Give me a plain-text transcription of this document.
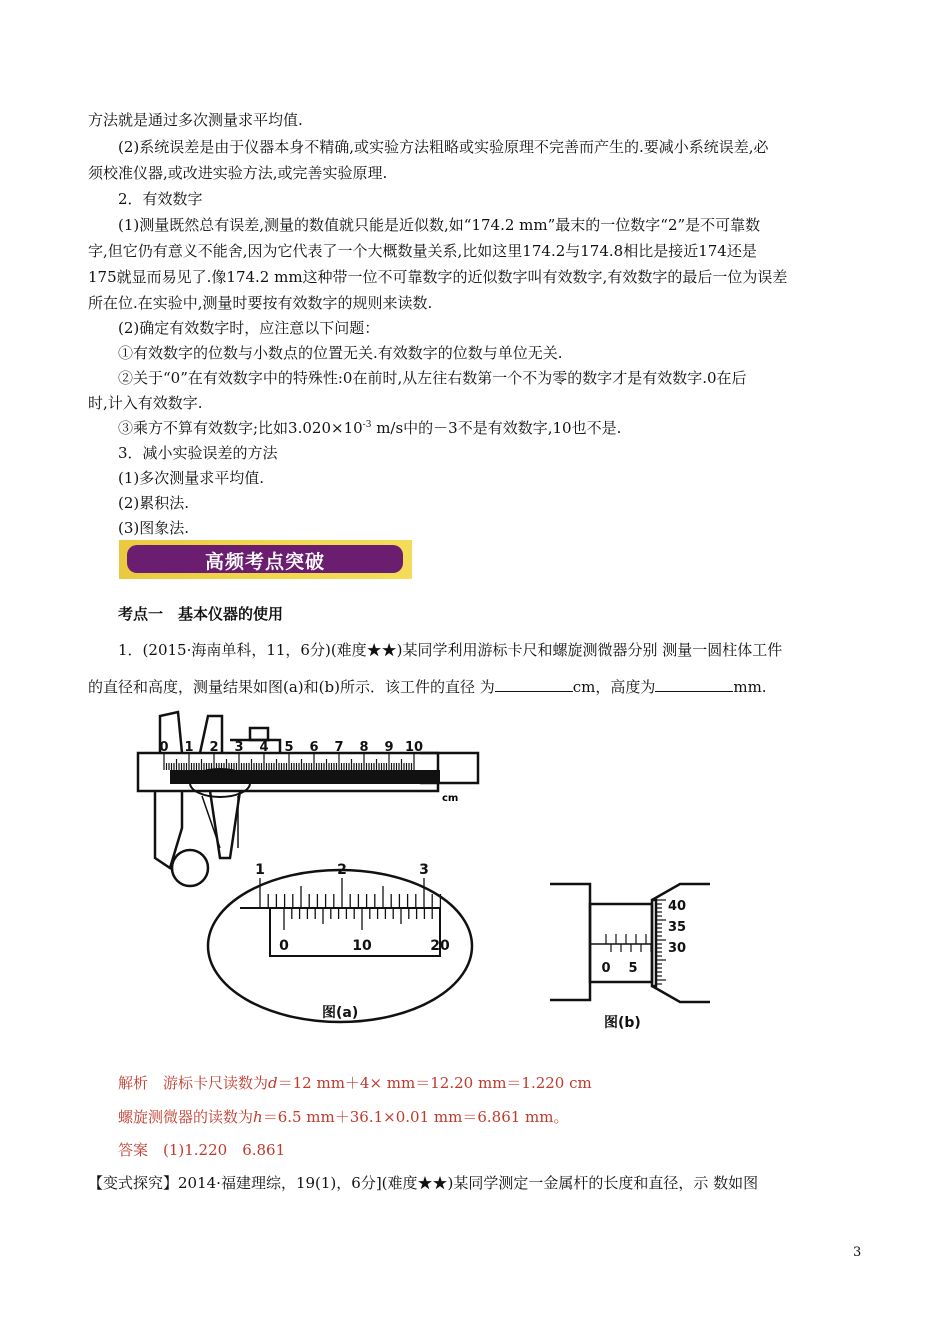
方法就是通过多次测量求平均值.
(2)系统误差是由于仪器本身不精确,或实验方法粗略或实验原理不完善而产生的.要减小系统误差,必
须校准仪器,或改进实验方法,或完善实验原理.
2．有效数字
(1)测量既然总有误差,测量的数值就只能是近似数,如“174.2 mm”最末的一位数字“2”是不可靠数
字,但它仍有意义不能舍,因为它代表了一个大概数量关系,比如这里174.2与174.8相比是接近174还是
175就显而易见了.像174.2 mm这种带一位不可靠数字的近似数字叫有效数字,有效数字的最后一位为误差
所在位.在实验中,测量时要按有效数字的规则来读数.
(2)确定有效数字时，应注意以下问题：
①有效数字的位数与小数点的位置无关.有效数字的位数与单位无关.
②关于“0”在有效数字中的特殊性:0在前时,从左往右数第一个不为零的数字才是有效数字.0在后
时,计入有效数字.
③乘方不算有效数字;比如$3.020\times 10^{-3}$ m/s中的－3不是有效数字,10也不是.
3．减小实验误差的方法
(1)多次测量求平均值.
(2)累积法.
(3)图象法.
高频考点突破
考点一　基本仪器的使用
1．(2015·海南单科，11，6分)(难度★★)某同学利用游标卡尺和螺旋测微器分别 测量一圆柱体工件
的直径和高度，测量结果如图(a)和(b)所示．该工件的直径 为	cm，高度为	mm.
0 1 2 3 4 5 6 7 8 9 10
cm
1	2	3
0	10	20
图(a)
0 5
40
35
30
图(b)
解析　游标卡尺读数为d＝12 mm＋4× mm＝12.20 mm＝1.220 cm
螺旋测微器的读数为h＝6.5 mm＋36.1×0.01 mm＝6.861 mm。
答案　(1)1.220　6.861
【变式探究】2014·福建理综，19(1)，6分](难度★★)某同学测定一金属杆的长度和直径，示 数如图
3
